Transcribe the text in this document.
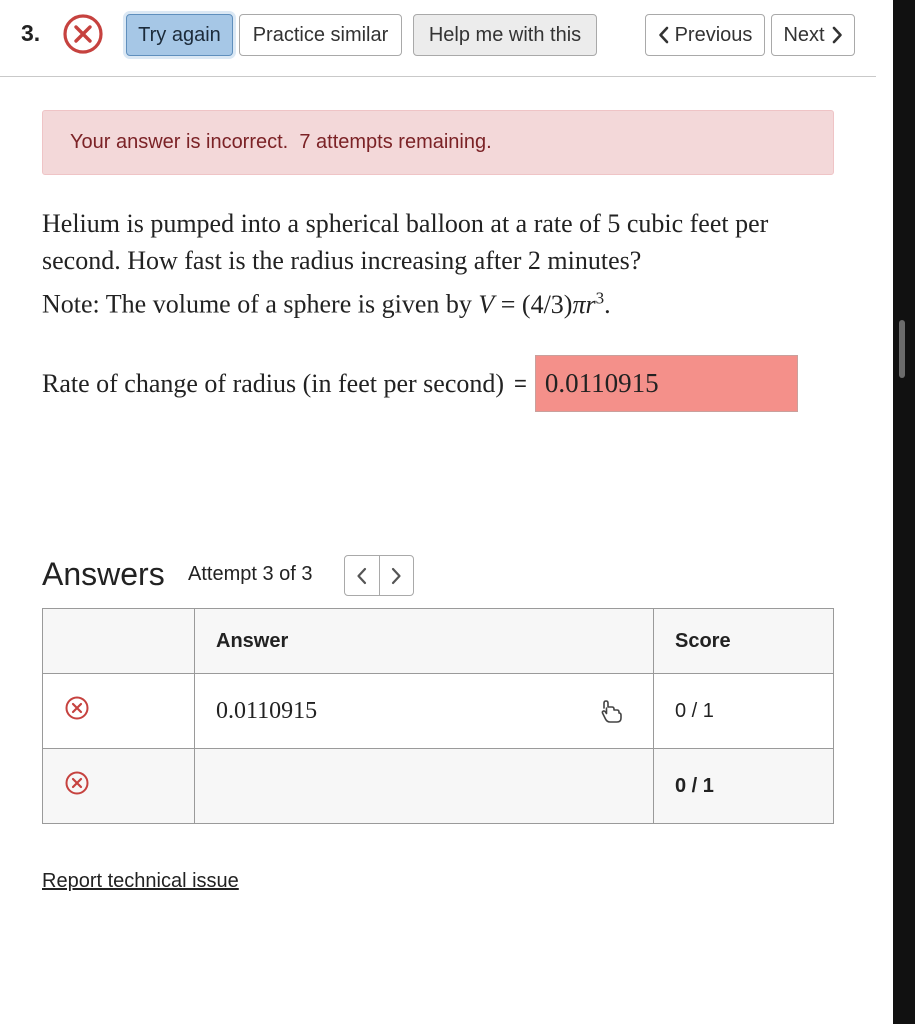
3.	Try again Practice similar Help me with this	Previous Next
Your answer is incorrect.  7 attempts remaining.
Helium is pumped into a spherical balloon at a rate of 5 cubic feet per
second. How fast is the radius increasing after 2 minutes?
Note: The volume of a sphere is given by $V = (4/3)\pi r^3$.
Rate of change of radius (in feet per second) =
0.0110915
Answers Attempt 3 of 3
	Answer	Score
	0.0110915	0 / 1
		0 / 1
Report technical issue
